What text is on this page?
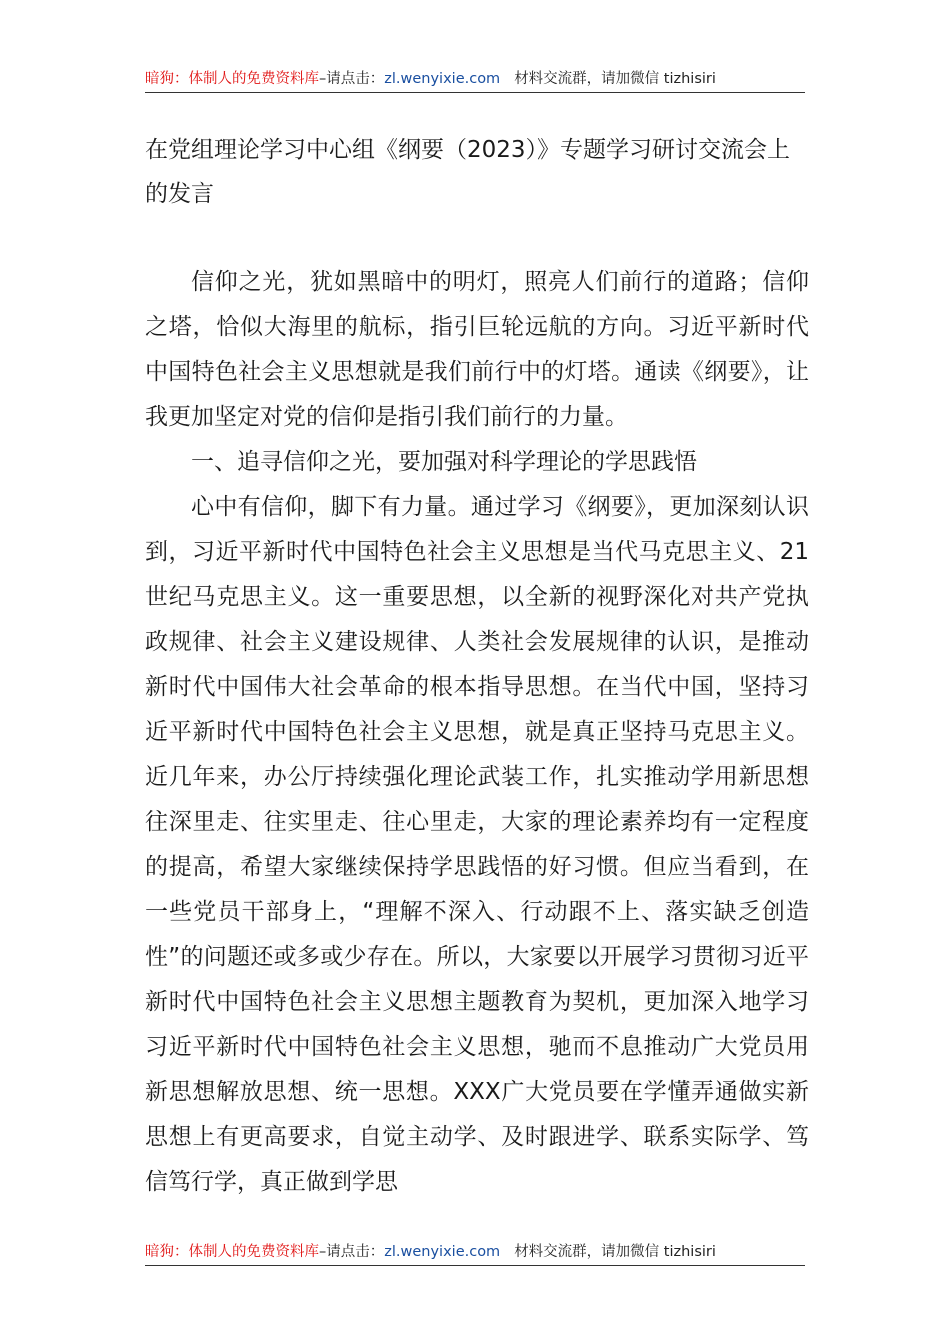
暗狗：体制人的免费资料库–请点击：zl.wenyixie.com 材料交流群，请加微信 tizhisiri
在党组理论学习中心组《纲要（2023）》专题学习研讨交流会上的发言

信仰之光，犹如黑暗中的明灯，照亮人们前行的道路；信仰之塔，恰似大海里的航标，指引巨轮远航的方向。习近平新时代中国特色社会主义思想就是我们前行中的灯塔。通读《纲要》，让我更加坚定对党的信仰是指引我们前行的力量。

一、追寻信仰之光，要加强对科学理论的学思践悟

心中有信仰，脚下有力量。通过学习《纲要》，更加深刻认识到，习近平新时代中国特色社会主义思想是当代马克思主义、21世纪马克思主义。这一重要思想，以全新的视野深化对共产党执政规律、社会主义建设规律、人类社会发展规律的认识，是推动新时代中国伟大社会革命的根本指导思想。在当代中国，坚持习近平新时代中国特色社会主义思想，就是真正坚持马克思主义。近几年来，办公厅持续强化理论武装工作，扎实推动学用新思想往深里走、往实里走、往心里走，大家的理论素养均有一定程度的提高，希望大家继续保持学思践悟的好习惯。但应当看到，在一些党员干部身上，“理解不深入、行动跟不上、落实缺乏创造性”的问题还或多或少存在。所以，大家要以开展学习贯彻习近平新时代中国特色社会主义思想主题教育为契机，更加深入地学习习近平新时代中国特色社会主义思想，驰而不息推动广大党员用新思想解放思想、统一思想。XXX广大党员要在学懂弄通做实新思想上有更高要求，自觉主动学、及时跟进学、联系实际学、笃信笃行学，真正做到学思

暗狗：体制人的免费资料库–请点击：zl.wenyixie.com 材料交流群，请加微信 tizhisiri
